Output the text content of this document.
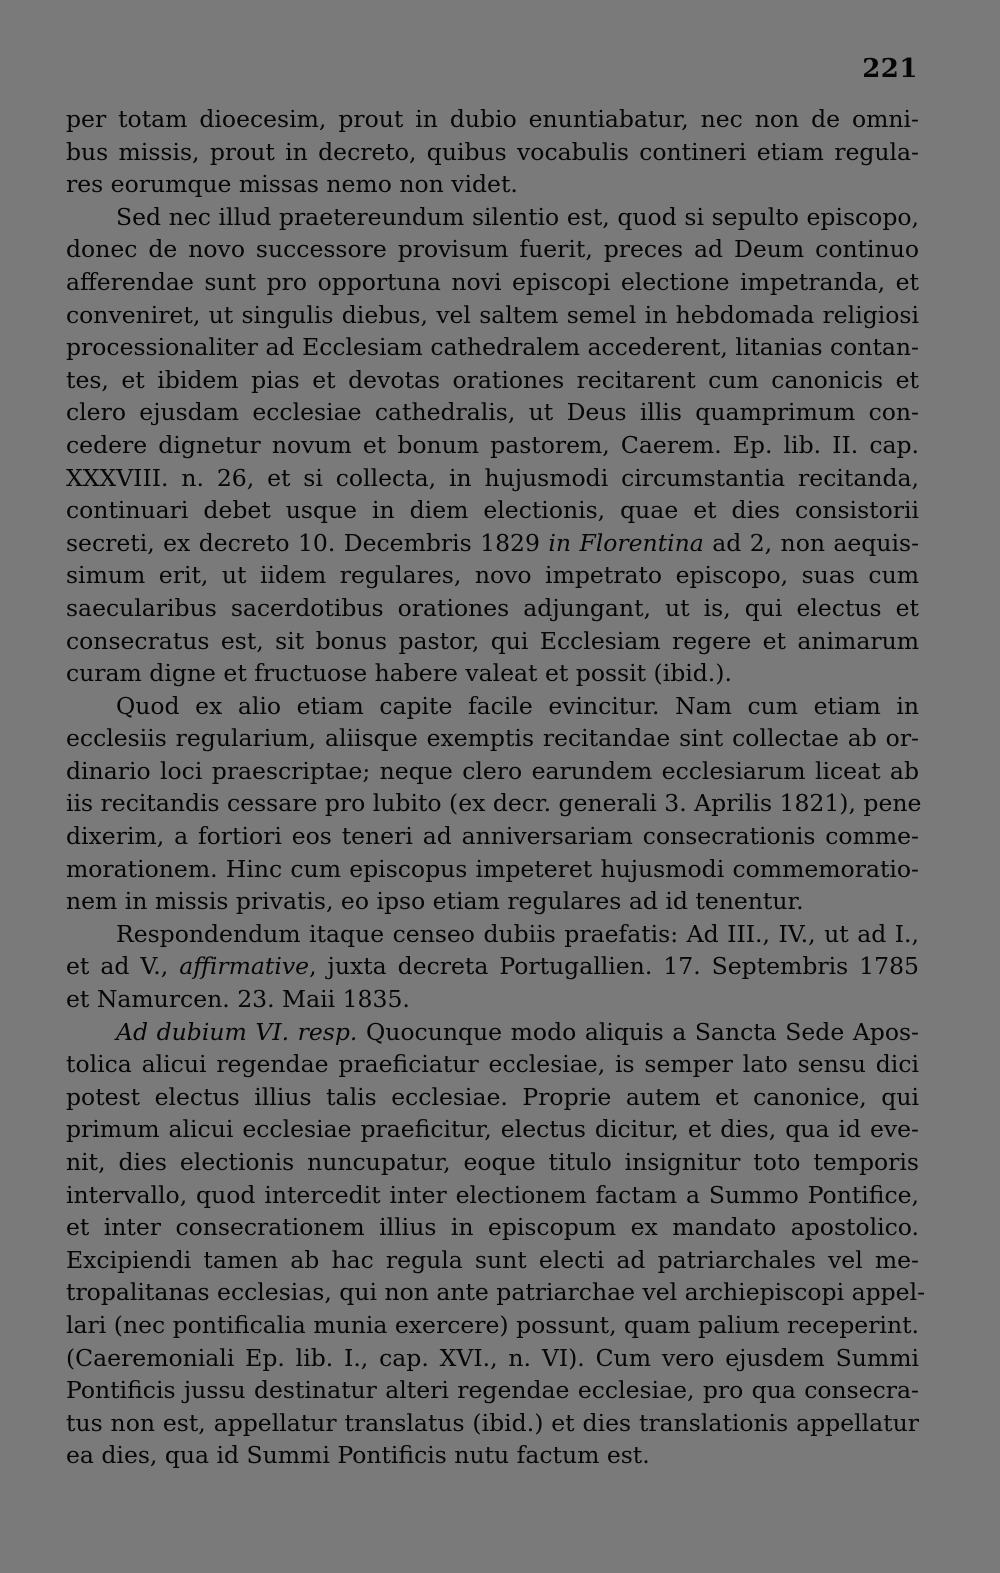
221
per totam dioecesim, prout in dubio enuntiabatur, nec non de omni-
bus missis, prout in decreto, quibus vocabulis contineri etiam regula-
res eorumque missas nemo non videt.
Sed nec illud praetereundum silentio est, quod si sepulto episcopo,
donec de novo successore provisum fuerit, preces ad Deum continuo
afferendae sunt pro opportuna novi episcopi electione impetranda, et
conveniret, ut singulis diebus, vel saltem semel in hebdomada religiosi
processionaliter ad Ecclesiam cathedralem accederent, litanias contan-
tes, et ibidem pias et devotas orationes recitarent cum canonicis et
clero ejusdam ecclesiae cathedralis, ut Deus illis quamprimum con-
cedere dignetur novum et bonum pastorem, Caerem. Ep. lib. II. cap.
XXXVIII. n. 26, et si collecta, in hujusmodi circumstantia recitanda,
continuari debet usque in diem electionis, quae et dies consistorii
secreti, ex decreto 10. Decembris 1829 in Florentina ad 2, non aequis-
simum erit, ut iidem regulares, novo impetrato episcopo, suas cum
saecularibus sacerdotibus orationes adjungant, ut is, qui electus et
consecratus est, sit bonus pastor, qui Ecclesiam regere et animarum
curam digne et fructuose habere valeat et possit (ibid.).
Quod ex alio etiam capite facile evincitur. Nam cum etiam in
ecclesiis regularium, aliisque exemptis recitandae sint collectae ab or-
dinario loci praescriptae; neque clero earundem ecclesiarum liceat ab
iis recitandis cessare pro lubito (ex decr. generali 3. Aprilis 1821), pene
dixerim, a fortiori eos teneri ad anniversariam consecrationis comme-
morationem. Hinc cum episcopus impeteret hujusmodi commemoratio-
nem in missis privatis, eo ipso etiam regulares ad id tenentur.
Respondendum itaque censeo dubiis praefatis: Ad III., IV., ut ad I.,
et ad V., affirmative, juxta decreta Portugallien. 17. Septembris 1785
et Namurcen. 23. Maii 1835.
Ad dubium VI. resp. Quocunque modo aliquis a Sancta Sede Apos-
tolica alicui regendae praeficiatur ecclesiae, is semper lato sensu dici
potest electus illius talis ecclesiae. Proprie autem et canonice, qui
primum alicui ecclesiae praeficitur, electus dicitur, et dies, qua id eve-
nit, dies electionis nuncupatur, eoque titulo insignitur toto temporis
intervallo, quod intercedit inter electionem factam a Summo Pontifice,
et inter consecrationem illius in episcopum ex mandato apostolico.
Excipiendi tamen ab hac regula sunt electi ad patriarchales vel me-
tropalitanas ecclesias, qui non ante patriarchae vel archiepiscopi appel-
lari (nec pontificalia munia exercere) possunt, quam palium receperint.
(Caeremoniali Ep. lib. I., cap. XVI., n. VI). Cum vero ejusdem Summi
Pontificis jussu destinatur alteri regendae ecclesiae, pro qua consecra-
tus non est, appellatur translatus (ibid.) et dies translationis appellatur
ea dies, qua id Summi Pontificis nutu factum est.
